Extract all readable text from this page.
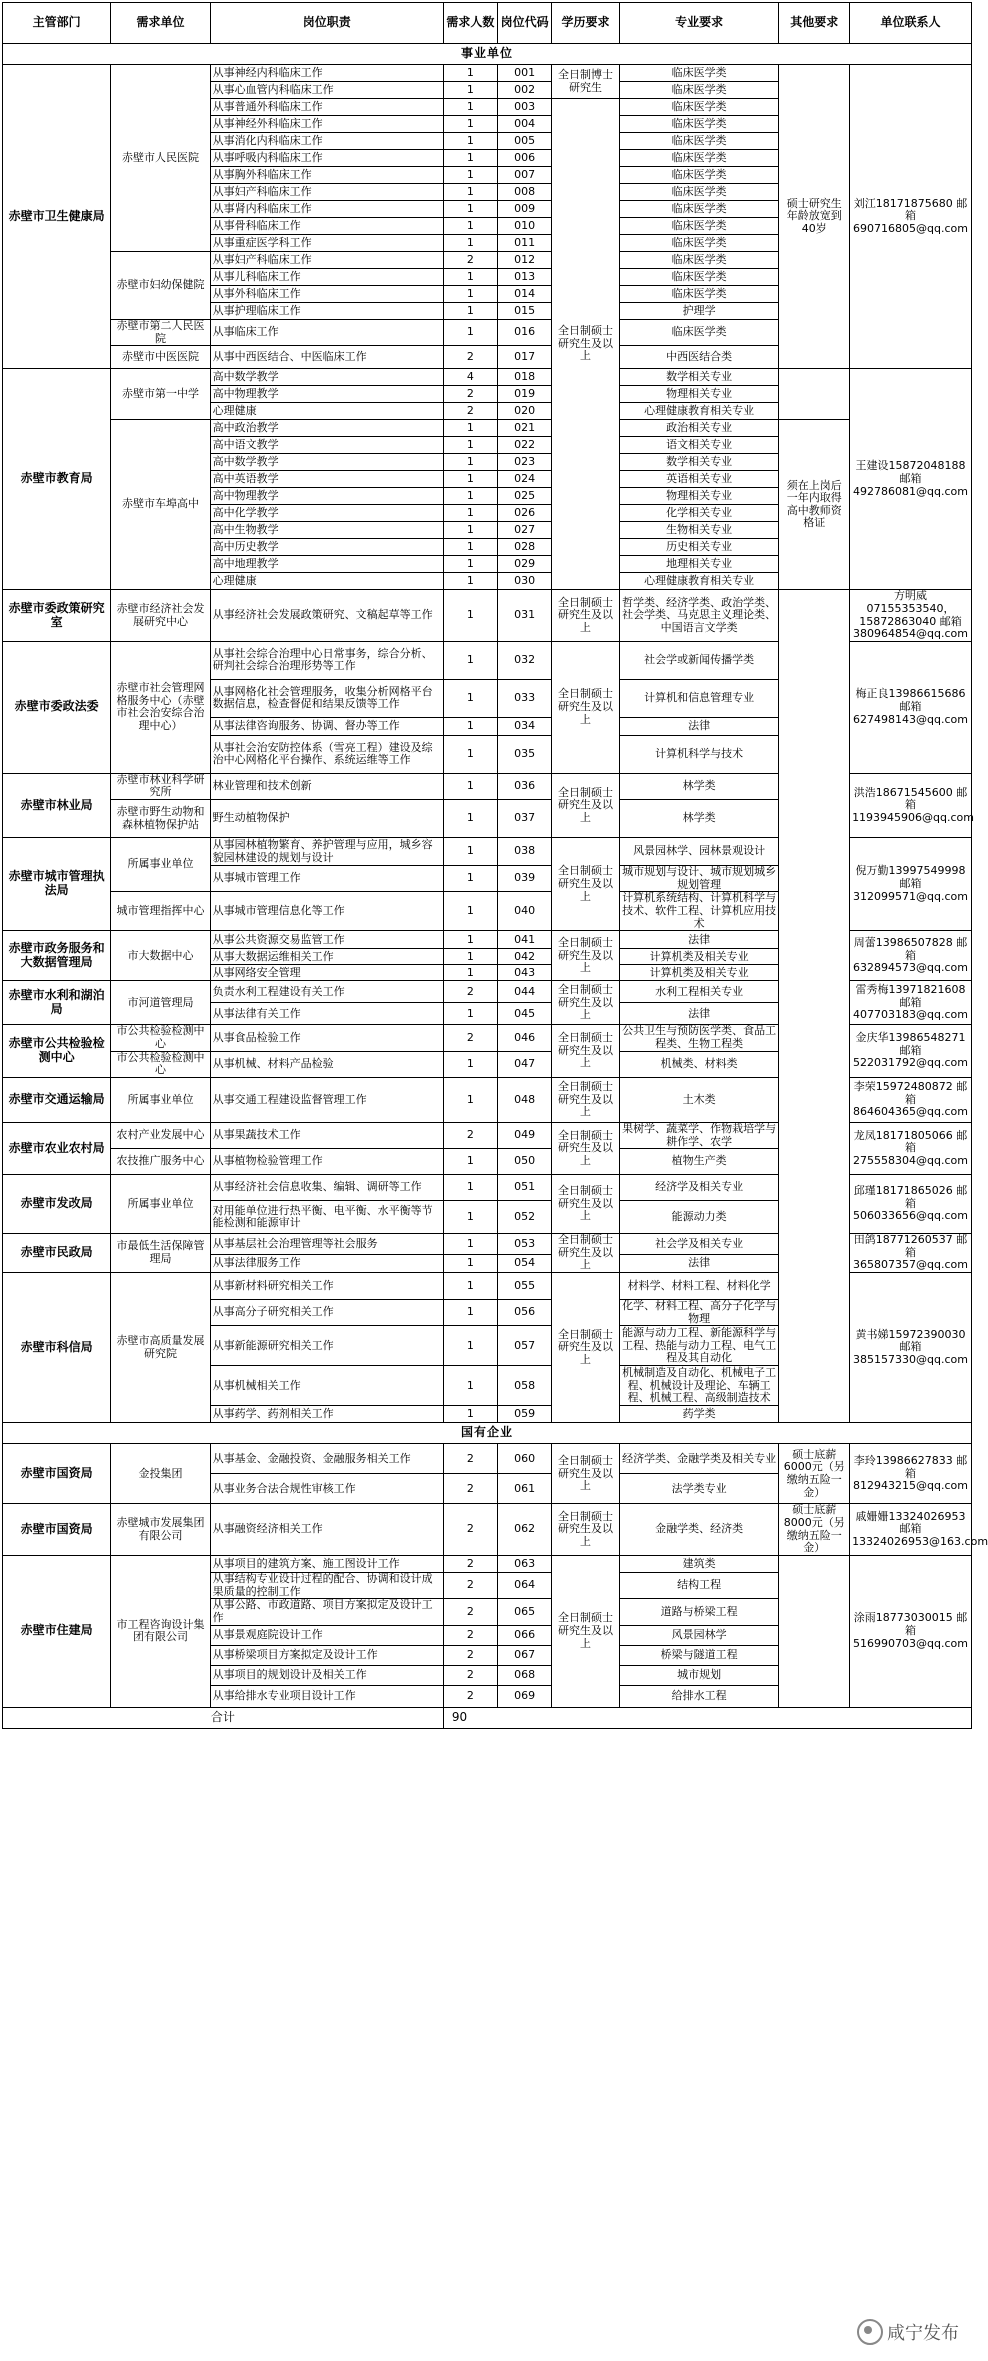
主管部门	需求单位	岗位职责	需求人数	岗位代码	学历要求	专业要求	其他要求	单位联系人
事业单位								
赤壁市卫生健康局	赤壁市人民医院	从事神经内科临床工作	1	001	全日制博士研究生	临床医学类	硕士研究生年龄放宽到40岁	刘江18171875680 邮箱 690716805@qq.com
		从事心血管内科临床工作	1	002		临床医学类		
		从事普通外科临床工作	1	003	全日制硕士研究生及以上	临床医学类		
		从事神经外科临床工作	1	004		临床医学类		
		从事消化内科临床工作	1	005		临床医学类		
		从事呼吸内科临床工作	1	006		临床医学类		
		从事胸外科临床工作	1	007		临床医学类		
		从事妇产科临床工作	1	008		临床医学类		
		从事肾内科临床工作	1	009		临床医学类		
		从事骨科临床工作	1	010		临床医学类		
		从事重症医学科工作	1	011		临床医学类		
	赤壁市妇幼保健院	从事妇产科临床工作	2	012		临床医学类		
		从事儿科临床工作	1	013		临床医学类		
		从事外科临床工作	1	014		临床医学类		
		从事护理临床工作	1	015		护理学		
	赤壁市第二人民医院	从事临床工作	1	016		临床医学类		
	赤壁市中医医院	从事中西医结合、中医临床工作	2	017		中西医结合类		
赤壁市教育局	赤壁市第一中学	高中数学教学	4	018		数学相关专业		王建设15872048188 邮箱 492786081@qq.com
		高中物理教学	2	019		物理相关专业		
		心理健康	2	020		心理健康教育相关专业		
	赤壁市车埠高中	高中政治教学	1	021		政治相关专业	须在上岗后一年内取得高中教师资格证	
		高中语文教学	1	022		语文相关专业		
		高中数学教学	1	023		数学相关专业		
		高中英语教学	1	024		英语相关专业		
		高中物理教学	1	025		物理相关专业		
		高中化学教学	1	026		化学相关专业		
		高中生物教学	1	027		生物相关专业		
		高中历史教学	1	028		历史相关专业		
		高中地理教学	1	029		地理相关专业		
		心理健康	1	030		心理健康教育相关专业		
赤壁市委政策研究室	赤壁市经济社会发展研究中心	从事经济社会发展政策研究、文稿起草等工作	1	031	全日制硕士研究生及以上	哲学类、经济学类、政治学类、社会学类、马克思主义理论类、中国语言文学类		方明威07155353540，15872863040 邮箱 380964854@qq.com
赤壁市委政法委	赤壁市社会管理网格服务中心（赤壁市社会治安综合治理中心）	从事社会综合治理中心日常事务，综合分析、研判社会综合治理形势等工作	1	032	全日制硕士研究生及以上	社会学或新闻传播学类		梅正良13986615686 邮箱 627498143@qq.com
		从事网格化社会管理服务，收集分析网格平台数据信息，检查督促和结果反馈等工作	1	033		计算机和信息管理专业		
		从事法律咨询服务、协调、督办等工作	1	034		法律		
		从事社会治安防控体系（雪亮工程）建设及综治中心网格化平台操作、系统运维等工作	1	035		计算机科学与技术		
赤壁市林业局	赤壁市林业科学研究所	林业管理和技术创新	1	036	全日制硕士研究生及以上	林学类		洪浩18671545600 邮箱 1193945906@qq.com
	赤壁市野生动物和森林植物保护站	野生动植物保护	1	037		林学类		
赤壁市城市管理执法局	所属事业单位	从事园林植物繁育、养护管理与应用，城乡容貌园林建设的规划与设计	1	038	全日制硕士研究生及以上	风景园林学、园林景观设计		倪万勤13997549998 邮箱 312099571@qq.com
		从事城市管理工作	1	039		城市规划与设计、城市规划城乡规划管理		
	城市管理指挥中心	从事城市管理信息化等工作	1	040		计算机系统结构、计算机科学与技术、软件工程、计算机应用技术		
赤壁市政务服务和大数据管理局	市大数据中心	从事公共资源交易监管工作	1	041	全日制硕士研究生及以上	法律		周蕾13986507828 邮箱 632894573@qq.com
		从事大数据运维相关工作	1	042		计算机类及相关专业		
		从事网络安全管理	1	043		计算机类及相关专业		
赤壁市水利和湖泊局	市河道管理局	负责水利工程建设有关工作	2	044	全日制硕士研究生及以上	水利工程相关专业		雷秀梅13971821608 邮箱 407703183@qq.com
		从事法律有关工作	1	045		法律		
赤壁市公共检验检测中心	市公共检验检测中心	从事食品检验工作	2	046	全日制硕士研究生及以上	公共卫生与预防医学类、食品工程类、生物工程类		金庆华13986548271 邮箱 522031792@qq.com
	市公共检验检测中心	从事机械、材料产品检验	1	047		机械类、材料类		
赤壁市交通运输局	所属事业单位	从事交通工程建设监督管理工作	1	048	全日制硕士研究生及以上	土木类		李荣15972480872 邮箱 864604365@qq.com
赤壁市农业农村局	农村产业发展中心	从事果蔬技术工作	2	049	全日制硕士研究生及以上	果树学、蔬菜学、作物栽培学与耕作学、农学		龙凤18171805066 邮箱 275558304@qq.com
	农技推广服务中心	从事植物检验管理工作	1	050		植物生产类		
赤壁市发改局	所属事业单位	从事经济社会信息收集、编辑、调研等工作	1	051	全日制硕士研究生及以上	经济学及相关专业		邱瑾18171865026 邮箱 506033656@qq.com
		对用能单位进行热平衡、电平衡、水平衡等节能检测和能源审计	1	052		能源动力类		
赤壁市民政局	市最低生活保障管理局	从事基层社会治理管理等社会服务	1	053	全日制硕士研究生及以上	社会学及相关专业		田鸽18771260537 邮箱 365807357@qq.com
		从事法律服务工作	1	054		法律		
赤壁市科信局	赤壁市高质量发展研究院	从事新材料研究相关工作	1	055	全日制硕士研究生及以上	材料学、材料工程、材料化学		黄书娣15972390030 邮箱 385157330@qq.com
		从事高分子研究相关工作	1	056		化学、材料工程、高分子化学与物理		
		从事新能源研究相关工作	1	057		能源与动力工程、新能源科学与工程、热能与动力工程、电气工程及其自动化		
		从事机械相关工作	1	058		机械制造及自动化、机械电子工程、机械设计及理论、车辆工程、机械工程、高级制造技术		
		从事药学、药剂相关工作	1	059		药学类		
国有企业								
赤壁市国资局	金投集团	从事基金、金融投资、金融服务相关工作	2	060	全日制硕士研究生及以上	经济学类、金融学类及相关专业	硕士底薪6000元（另缴纳五险一金）	李玲13986627833 邮箱 812943215@qq.com
		从事业务合法合规性审核工作	2	061		法学类专业		
赤壁市国资局	赤壁城市发展集团有限公司	从事融资经济相关工作	2	062	全日制硕士研究生及以上	金融学类、经济类	硕士底薪8000元（另缴纳五险一金）	戚姗姗13324026953 邮箱 13324026953@163.com
赤壁市住建局	市工程咨询设计集团有限公司	从事项目的建筑方案、施工图设计工作	2	063	全日制硕士研究生及以上	建筑类		涂雨18773030015 邮箱 516990703@qq.com
		从事结构专业设计过程的配合、协调和设计成果质量的控制工作	2	064		结构工程		
		从事公路、市政道路、项目方案拟定及设计工作	2	065		道路与桥梁工程		
		从事景观庭院设计工作	2	066		风景园林学		
		从事桥梁项目方案拟定及设计工作	2	067		桥梁与隧道工程		
		从事项目的规划设计及相关工作	2	068		城市规划		
		从事给排水专业项目设计工作	2	069		给排水工程		
合计			90					
咸宁发布
